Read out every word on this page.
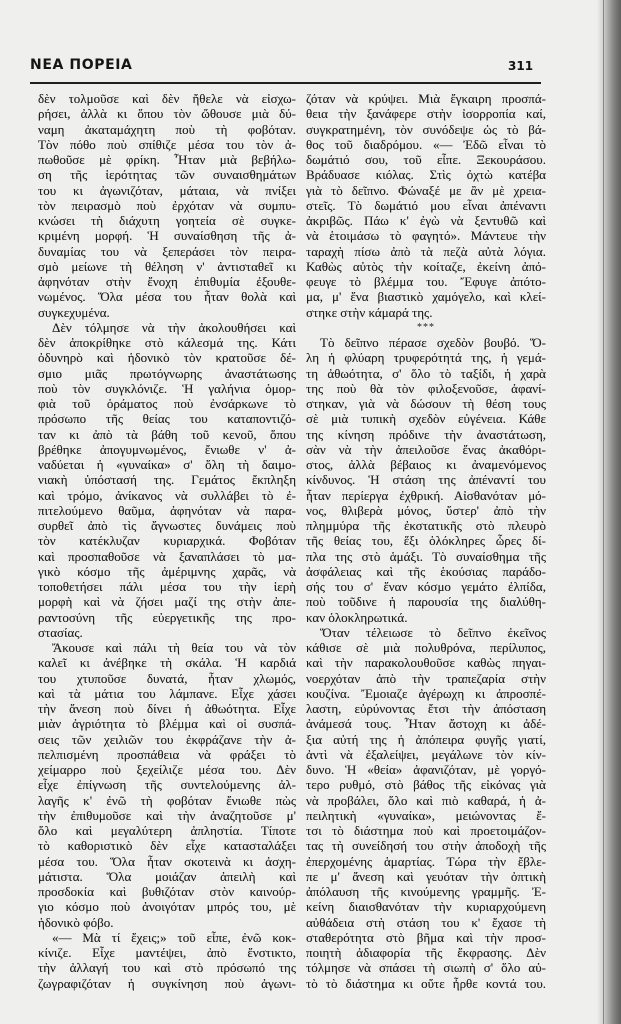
ΝΕΑ ΠΟΡΕΙΑ	311
δὲν τολμοῦσε καὶ δὲν ἤθελε νὰ εἰσχω-
ρήσει, ἀλλὰ κι ὅπου τὸν ὤθουσε μιὰ δύ-
ναμη ἀκαταμάχητη ποὺ τὴ φοβόταν.
Τὸν πόθο ποὺ σπίθιζε μέσα του τὸν ἀ-
πωθοῦσε μὲ φρίκη. Ἦταν μιὰ βεβήλω-
ση τῆς ἱερότητας τῶν συναισθημάτων
του κι ἀγωνιζόταν, μάταια, νὰ πνίξει
τὸν πειρασμὸ ποὺ ἐρχόταν νὰ συμπυ-
κνώσει τὴ διάχυτη γοητεία σὲ συγκε-
κριμένη μορφή. Ἡ συναίσθηση τῆς ἀ-
δυναμίας του νὰ ξεπεράσει τὸν πειρα-
σμὸ μείωνε τὴ θέληση ν' ἀντισταθεῖ κι
ἀφηνόταν στὴν ἔνοχη ἐπιθυμία ἐξουθε-
νωμένος. Ὅλα μέσα του ἦταν θολὰ καὶ
συγκεχυμένα.
Δὲν τόλμησε νὰ τὴν ἀκολουθήσει καὶ
δὲν ἀποκρίθηκε στὸ κάλεσμά της. Κάτι
ὀδυνηρὸ καὶ ἡδονικὸ τὸν κρατοῦσε δέ-
σμιο μιᾶς πρωτόγνωρης ἀναστάτωσης
ποὺ τὸν συγκλόνιζε. Ἡ γαλήνια ὁμορ-
φιὰ τοῦ ὁράματος ποὺ ἐνσάρκωνε τὸ
πρόσωπο τῆς θείας του καταποντιζό-
ταν κι ἀπὸ τὰ βάθη τοῦ κενοῦ, ὅπου
βρέθηκε ἀπογυμνωμένος, ἔνιωθε ν' ἀ-
ναδύεται ἡ «γυναίκα» σ' ὅλη τὴ δαιμο-
νιακὴ ὑπόστασή της. Γεμάτος ἔκπληξη
καὶ τρόμο, ἀνίκανος νὰ συλλάβει τὸ ἐ-
πιτελούμενο θαῦμα, ἀφηνόταν νὰ παρα-
συρθεῖ ἀπὸ τὶς ἄγνωστες δυνάμεις ποὺ
τὸν κατέκλυζαν κυριαρχικά. Φοβόταν
καὶ προσπαθοῦσε νὰ ξαναπλάσει τὸ μα-
γικὸ κόσμο τῆς ἀμέριμνης χαρᾶς, νὰ
τοποθετήσει πάλι μέσα του τὴν ἱερὴ
μορφὴ καὶ νὰ ζήσει μαζί της στὴν ἀπε-
ραντοσύνη τῆς εὐεργετικῆς της προ-
στασίας.
Ἄκουσε καὶ πάλι τὴ θεία του νὰ τὸν
καλεῖ κι ἀνέβηκε τὴ σκάλα. Ἡ καρδιά
του χτυποῦσε δυνατά, ἦταν χλωμός,
καὶ τὰ μάτια του λάμπανε. Εἶχε χάσει
τὴν ἄνεση ποὺ δίνει ἡ ἀθωότητα. Εἶχε
μιὰν ἀγριότητα τὸ βλέμμα καὶ οἱ συσπά-
σεις τῶν χειλιῶν του ἐκφράζανε τὴν ἀ-
πελπισμένη προσπάθεια νὰ φράξει τὸ
χείμαρρο ποὺ ξεχείλιζε μέσα του. Δὲν
εἶχε ἐπίγνωση τῆς συντελούμενης ἀλ-
λαγῆς κ' ἐνῶ τὴ φοβόταν ἔνιωθε πὼς
τὴν ἐπιθυμοῦσε καὶ τὴν ἀναζητοῦσε μ'
ὅλο καὶ μεγαλύτερη ἀπληστία. Τίποτε
τὸ καθοριστικὸ δὲν εἶχε κατασταλάξει
μέσα του. Ὅλα ἦταν σκοτεινὰ κι ἀσχη-
μάτιστα. Ὅλα μοιάζαν ἀπειλὴ καὶ
προσδοκία καὶ βυθιζόταν στὸν καινούρ-
γιο κόσμο ποὺ ἀνοιγόταν μπρός του, μὲ
ἡδονικὸ φόβο.
«— Μὰ τί ἔχεις;» τοῦ εἶπε, ἐνῶ κοκ-
κίνιζε. Εἶχε μαντέψει, ἀπὸ ἔνστικτο,
τὴν ἀλλαγή του καὶ στὸ πρόσωπό της
ζωγραφιζόταν ἡ συγκίνηση ποὺ ἀγωνι-
ζόταν νὰ κρύψει. Μιὰ ἔγκαιρη προσπά-
θεια τὴν ξανάφερε στὴν ἰσορροπία καί,
συγκρατημένη, τὸν συνόδεψε ὡς τὸ βά-
θος τοῦ διαδρόμου. «— Ἐδῶ εἶναι τὸ
δωμάτιό σου, τοῦ εἶπε. Ξεκουράσου.
Βράδυασε κιόλας. Στὶς ὀχτὼ κατέβα
γιὰ τὸ δεῖπνο. Φώναξέ με ἂν μὲ χρεια-
στεῖς. Τὸ δωμάτιό μου εἶναι ἀπέναντι
ἀκριβῶς. Πάω κ' ἐγὼ νὰ ξεντυθῶ καὶ
νὰ ἑτοιμάσω τὸ φαγητό». Μάντευε τὴν
ταραχὴ πίσω ἀπὸ τὰ πεζὰ αὐτὰ λόγια.
Καθὼς αὐτὸς τὴν κοίταζε, ἐκείνη ἀπό-
φευγε τὸ βλέμμα του. Ἔφυγε ἀπότο-
μα, μ' ἕνα βιαστικὸ χαμόγελο, καὶ κλεί-
στηκε στὴν κάμαρά της.
***
Τὸ δεῖπνο πέρασε σχεδὸν βουβό. Ὅ-
λη ἡ φλύαρη τρυφερότητά της, ἡ γεμά-
τη ἀθωότητα, σ' ὅλο τὸ ταξίδι, ἡ χαρὰ
της ποὺ θὰ τὸν φιλοξενοῦσε, ἀφανί-
στηκαν, γιὰ νὰ δώσουν τὴ θέση τους
σὲ μιὰ τυπικὴ σχεδὸν εὐγένεια. Κάθε
της κίνηση πρόδινε τὴν ἀναστάτωση,
σὰν νὰ τὴν ἀπειλοῦσε ἕνας ἀκαθόρι-
στος, ἀλλὰ βέβαιος κι ἀναμενόμενος
κίνδυνος. Ἡ στάση της ἀπέναντί του
ἦταν περίεργα ἐχθρική. Αἰσθανόταν μό-
νος, θλιβερὰ μόνος, ὕστερ' ἀπὸ τὴν
πλημμύρα τῆς ἐκστατικῆς στὸ πλευρὸ
τῆς θείας του, ἕξι ὁλόκληρες ὧρες δί-
πλα της στὸ ἁμάξι. Τὸ συναίσθημα τῆς
ἀσφάλειας καὶ τῆς ἑκούσιας παράδο-
σής του σ' ἕναν κόσμο γεμάτο ἐλπίδα,
ποὺ τοῦδινε ἡ παρουσία της διαλύθη-
καν ὁλοκληρωτικά.
Ὅταν τέλειωσε τὸ δεῖπνο ἐκεῖνος
κάθισε σὲ μιὰ πολυθρόνα, περίλυπος,
καὶ τὴν παρακολουθοῦσε καθὼς πηγαι-
νοερχόταν ἀπὸ τὴν τραπεζαρία στὴν
κουζίνα. Ἔμοιαζε ἀγέρωχη κι ἀπροσπέ-
λαστη, εὐρύνοντας ἔτσι τὴν ἀπόσταση
ἀνάμεσά τους. Ἦταν ἄστοχη κι ἀδέ-
ξια αὐτή της ἡ ἀπόπειρα φυγῆς γιατί,
ἀντὶ νὰ ἐξαλείψει, μεγάλωνε τὸν κίν-
δυνο. Ἡ «θεία» ἀφανιζόταν, μὲ γοργό-
τερο ρυθμό, στὸ βάθος τῆς εἰκόνας γιὰ
νὰ προβάλει, ὅλο καὶ πιὸ καθαρά, ἡ ἀ-
πειλητικὴ «γυναίκα», μειώνοντας ἔ-
τσι τὸ διάστημα ποὺ καὶ προετοιμάζον-
τας τὴ συνείδησή του στὴν ἀποδοχὴ τῆς
ἐπερχομένης ἁμαρτίας. Τώρα τὴν ἔβλε-
πε μ' ἄνεση καὶ γευόταν τὴν ὀπτικὴ
ἀπόλαυση τῆς κινούμενης γραμμῆς. Ἐ-
κείνη διαισθανόταν τὴν κυριαρχούμενη
αὐθάδεια στὴ στάση του κ' ἔχασε τὴ
σταθερότητα στὸ βῆμα καὶ τὴν προσ-
ποιητὴ ἀδιαφορία τῆς ἔκφρασης. Δὲν
τόλμησε νὰ σπάσει τὴ σιωπὴ σ' ὅλο αὐ-
τὸ τὸ διάστημα κι οὔτε ἦρθε κοντά του.
